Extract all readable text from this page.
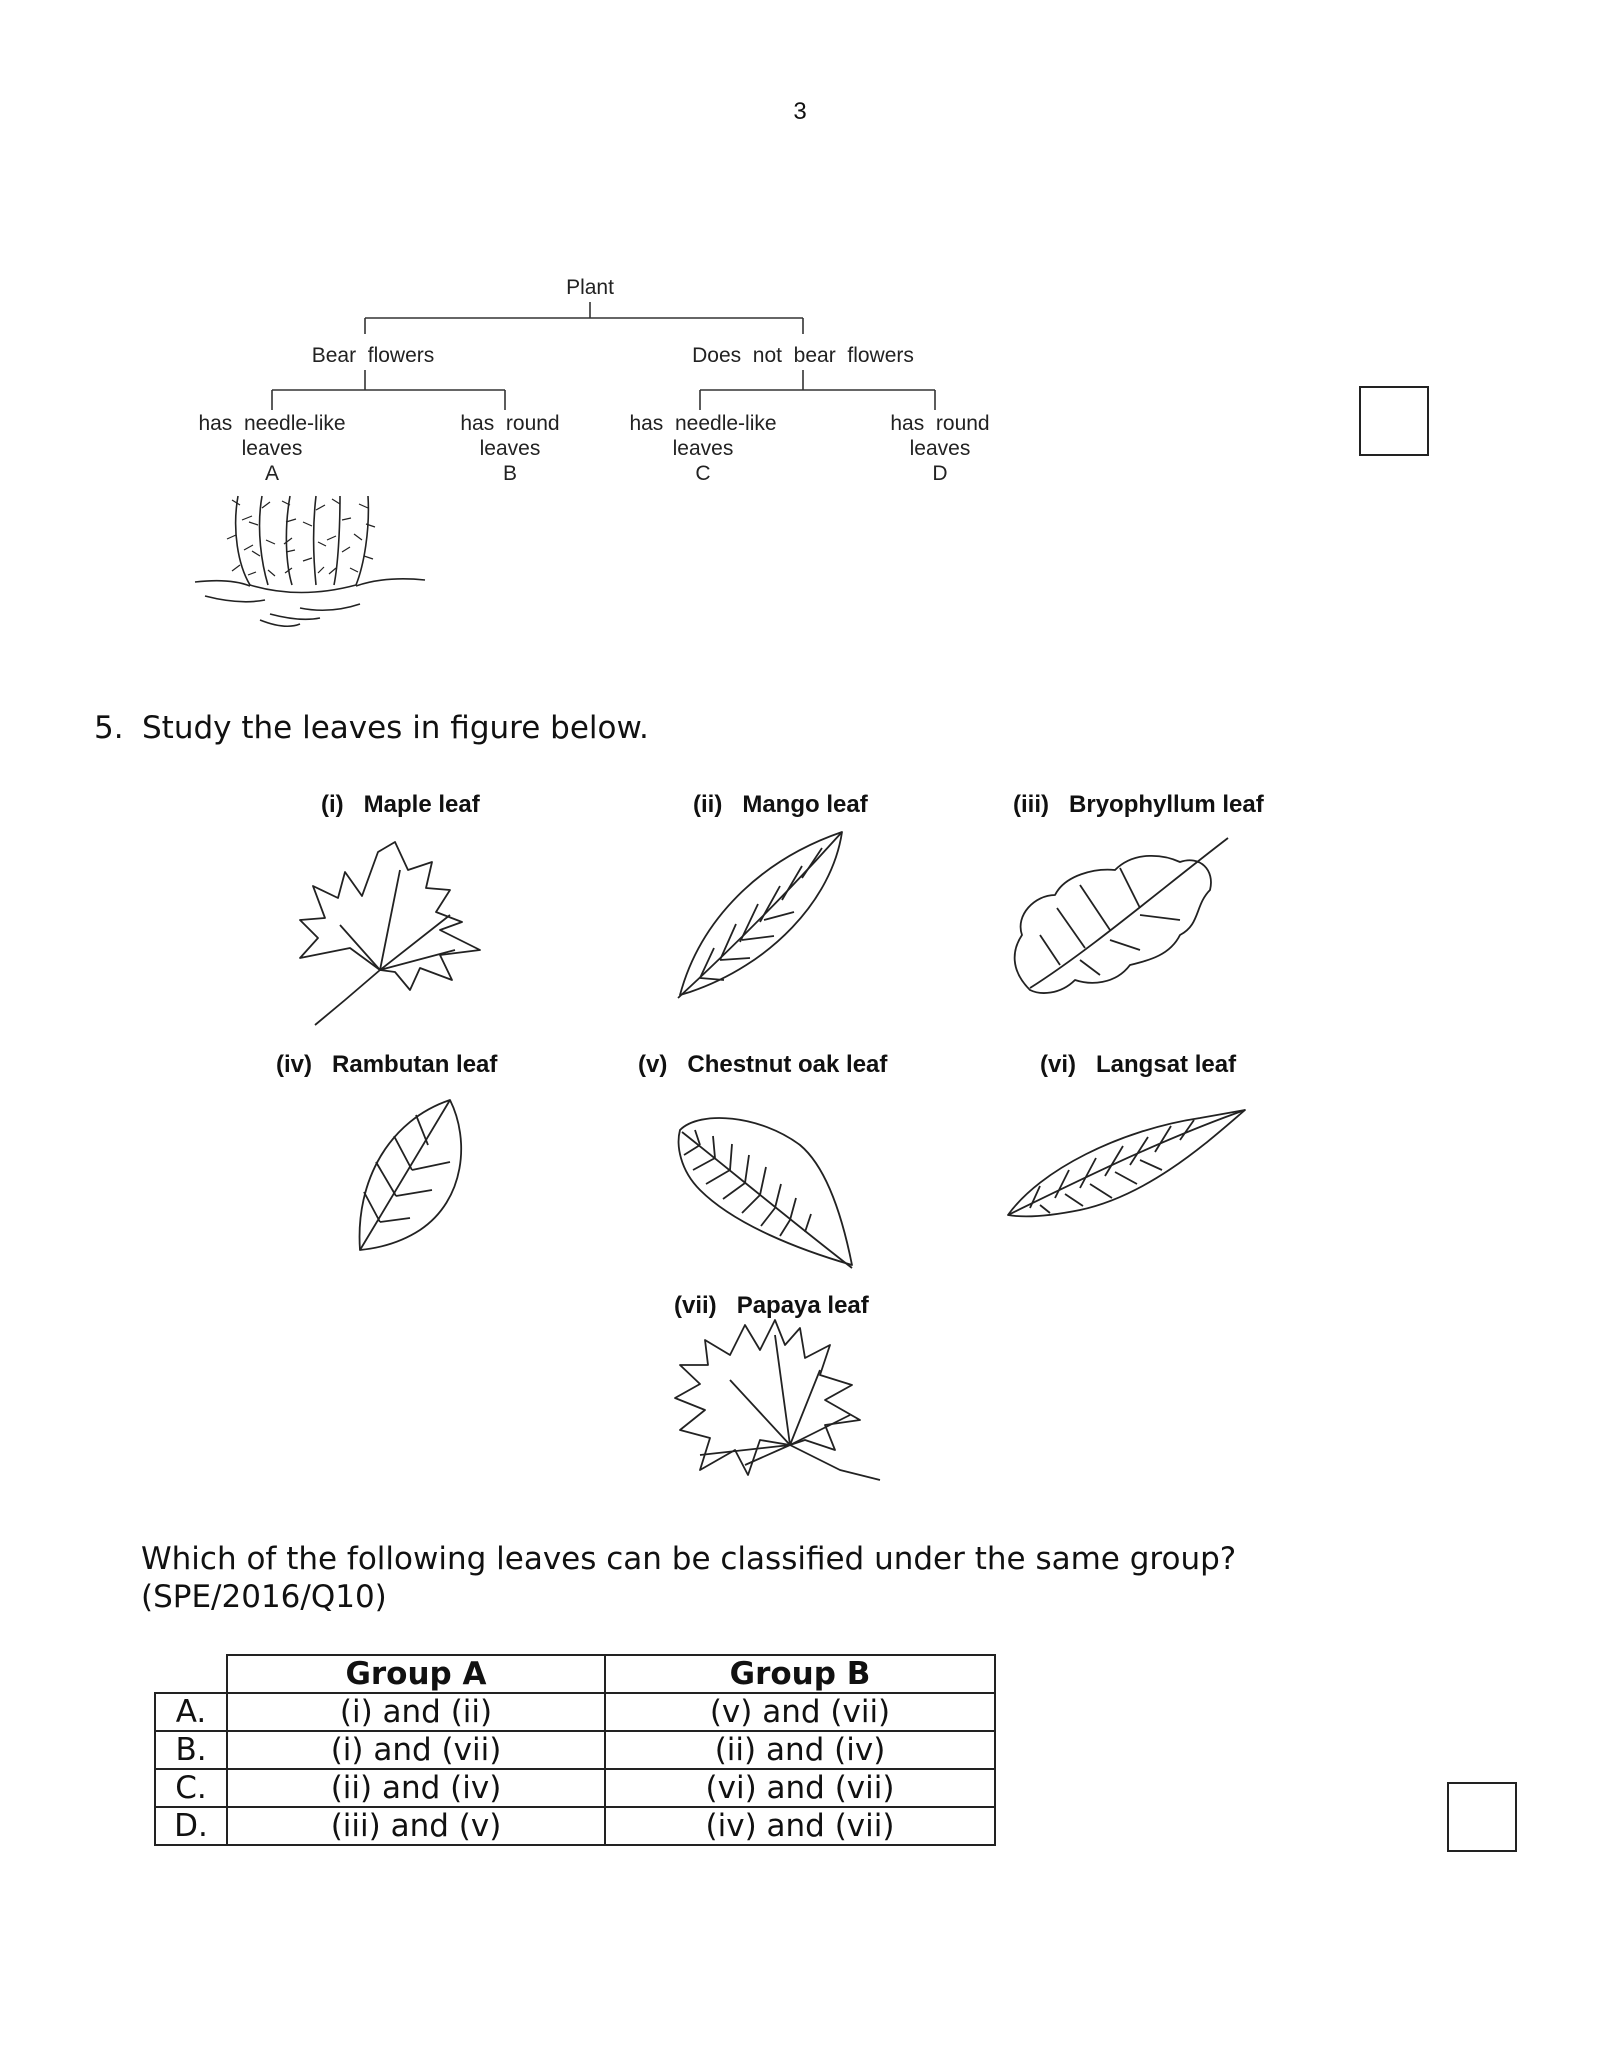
3
Plant
Bear  flowers	Does  not  bear  flowers
has  needle-like
leaves
A
has  round
leaves
B
has  needle-like
leaves
C
has  round
leaves
D
5. Study the leaves in figure below.
(i) Maple leaf	(ii) Mango leaf	(iii) Bryophyllum leaf
(iv) Rambutan leaf	(v) Chestnut oak leaf	(vi) Langsat leaf
(vii) Papaya leaf
Which of the following leaves can be classified under the same group?
(SPE/2016/Q10)
	Group A	Group B
A.	(i) and (ii)	(v) and (vii)
B.	(i) and (vii)	(ii) and (iv)
C.	(ii) and (iv)	(vi) and (vii)
D.	(iii) and (v)	(iv) and (vii)
